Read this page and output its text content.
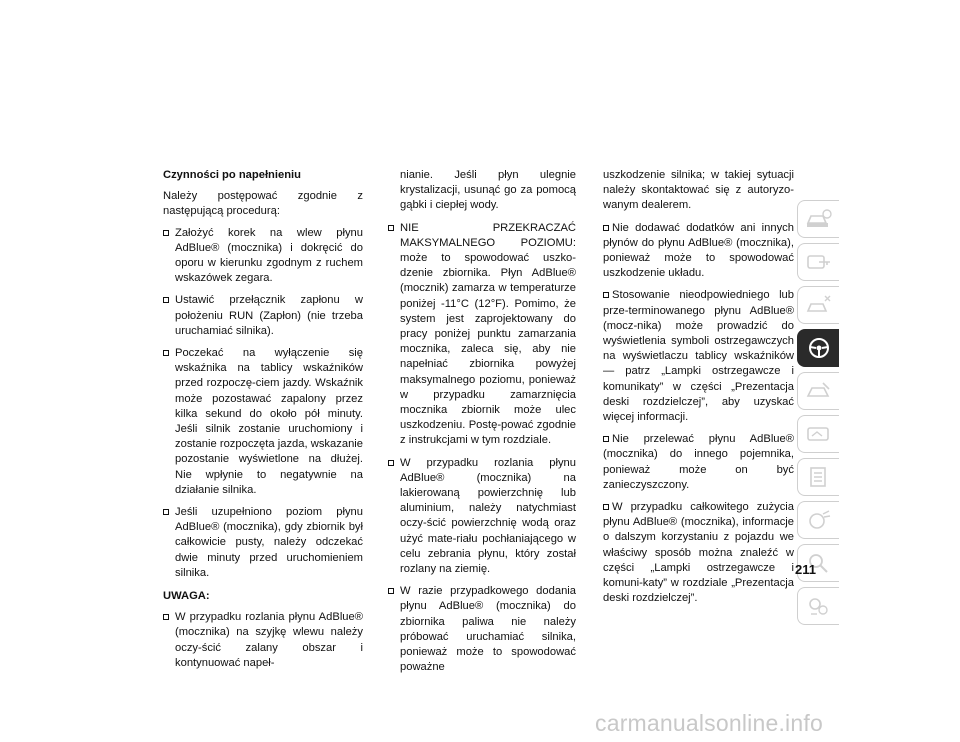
Czynności po napełnieniu
Należy postępować zgodnie z następującą procedurą:
Założyć korek na wlew płynu AdBlue® (mocznika) i dokręcić do oporu w kierunku zgodnym z ruchem wskazówek zegara.
Ustawić przełącznik zapłonu w położeniu RUN (Zapłon) (nie trzeba uruchamiać silnika).
Poczekać na wyłączenie się wskaźnika na tablicy wskaźników przed rozpoczę-ciem jazdy. Wskaźnik może pozostawać zapalony przez kilka sekund do około pół minuty. Jeśli silnik zostanie uruchomiony i zostanie rozpoczęta jazda, wskazanie pozostanie wyświetlone na dłużej. Nie wpłynie to negatywnie na działanie silnika.
Jeśli uzupełniono poziom płynu AdBlue® (mocznika), gdy zbiornik był całkowicie pusty, należy odczekać dwie minuty przed uruchomieniem silnika.
UWAGA:
W przypadku rozlania płynu AdBlue® (mocznika) na szyjkę wlewu należy oczy-ścić zalany obszar i kontynuować napeł-
nianie. Jeśli płyn ulegnie krystalizacji, usunąć go za pomocą gąbki i ciepłej wody.
NIE PRZEKRACZAĆ MAKSYMALNEGO POZIOMU: może to spowodować uszko-dzenie zbiornika. Płyn AdBlue® (mocznik) zamarza w temperaturze poniżej -11°C (12°F). Pomimo, że system jest zaprojektowany do pracy poniżej punktu zamarzania mocznika, zaleca się, aby nie napełniać zbiornika powyżej maksymalnego poziomu, ponieważ w przypadku zamarznięcia mocznika zbiornik może ulec uszkodzeniu. Postę-pować zgodnie z instrukcjami w tym rozdziale.
W przypadku rozlania płynu AdBlue® (mocznika) na lakierowaną powierzchnię lub aluminium, należy natychmiast oczy-ścić powierzchnię wodą oraz użyć mate-riału pochłaniającego w celu zebrania płynu, który został rozlany na ziemię.
W razie przypadkowego dodania płynu AdBlue® (mocznika) do zbiornika paliwa nie należy próbować uruchamiać silnika, ponieważ może to spowodować poważne
uszkodzenie silnika; w takiej sytuacji należy skontaktować się z autoryzo-wanym dealerem.
Nie dodawać dodatków ani innych płynów do płynu AdBlue® (mocznika), ponieważ może to spowodować uszkodzenie układu.
Stosowanie nieodpowiedniego lub prze-terminowanego płynu AdBlue® (mocz-nika) może prowadzić do wyświetlenia symboli ostrzegawczych na wyświetlaczu tablicy wskaźników — patrz „Lampki ostrzegawcze i komunikaty” w części „Prezentacja deski rozdzielczej”, aby uzyskać więcej informacji.
Nie przelewać płynu AdBlue® (mocznika) do innego pojemnika, ponieważ może on być zanieczyszczony.
W przypadku całkowitego zużycia płynu AdBlue® (mocznika), informacje o dalszym korzystaniu z pojazdu we właściwy sposób można znaleźć w części „Lampki ostrzegawcze i komuni-katy” w rozdziale „Prezentacja deski rozdzielczej”.
211
carmanualsonline.info
